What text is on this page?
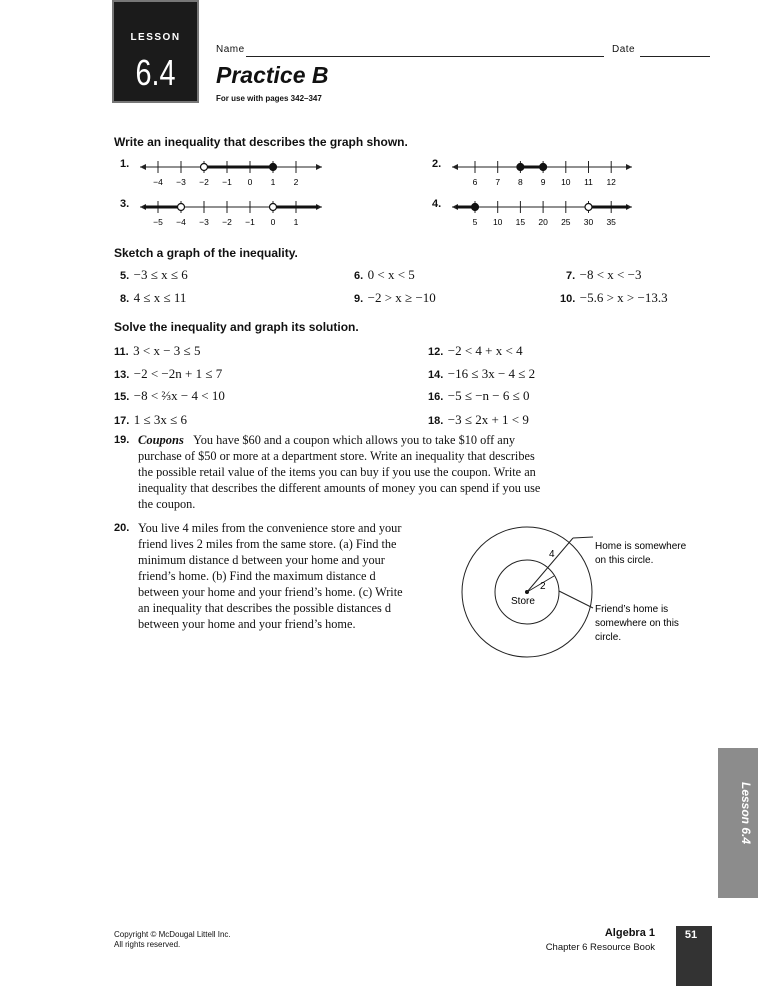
LESSON
6.4
Name	Date
Practice B
For use with pages 342–347
Write an inequality that describes the graph shown.
1.	2.
3.	4.
−4 −3 −2 −1 0 1 2	6 7 8 9 10 11 12
−5 −4 −3 −2 −1 0 1	5 10 15 20 25 30 35
Sketch a graph of the inequality.
5. −3 ≤ x ≤ 6	6. 0 < x < 5	7. −8 < x < −3
8. 4 ≤ x ≤ 11	9. −2 > x ≥ −10	10. −5.6 > x > −13.3
Solve the inequality and graph its solution.
11. 3 < x − 3 ≤ 5	12. −2 < 4 + x < 4
13. −2 < −2n + 1 ≤ 7	14. −16 ≤ 3x − 4 ≤ 2
15. −8 < ⅔x − 4 < 10	16. −5 ≤ −n − 6 ≤ 0
17. 1 ≤ 3x ≤ 6	18. −3 ≤ 2x + 1 < 9
19. Coupons You have $60 and a coupon which allows you to take $10 off any
purchase of $50 or more at a department store. Write an inequality that describes
the possible retail value of the items you can buy if you use the coupon. Write an
inequality that describes the different amounts of money you can spend if you use
the coupon.
20. You live 4 miles from the convenience store and your
friend lives 2 miles from the same store. (a) Find the
minimum distance d between your home and your
friend’s home. (b) Find the maximum distance d
between your home and your friend’s home. (c) Write
an inequality that describes the possible distances d
between your home and your friend’s home.
4
2
Store
Home is somewhere
on this circle.
Friend’s home is
somewhere on this
circle.
Lesson 6.4
Copyright © McDougal Littell Inc.
All rights reserved.
Algebra 1
Chapter 6 Resource Book
51
